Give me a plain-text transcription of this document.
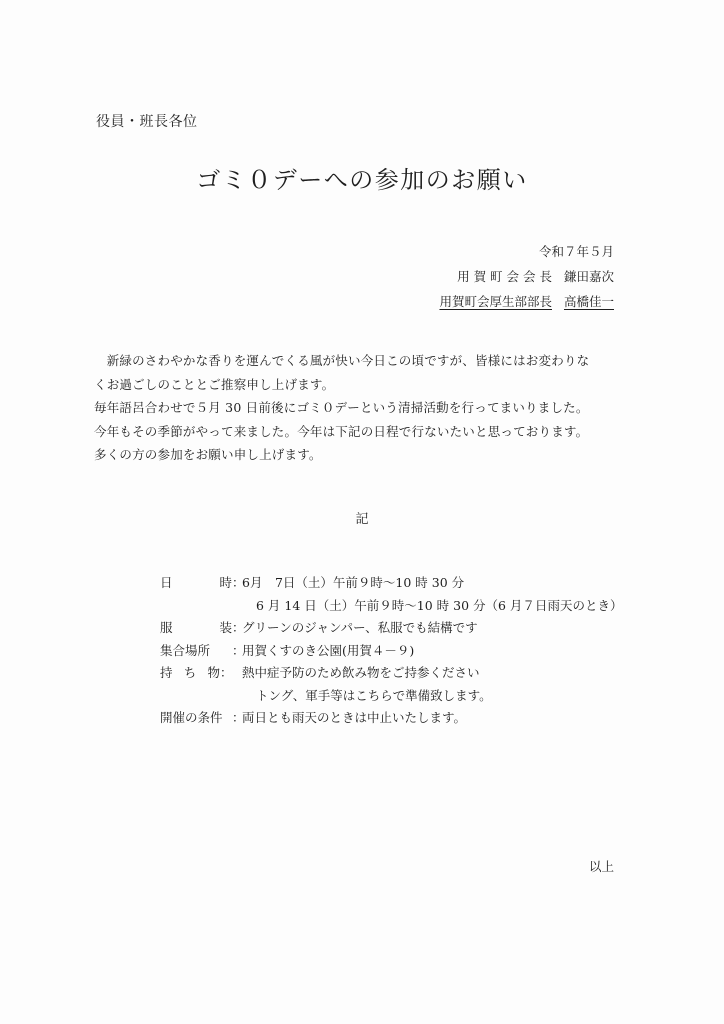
役員・班長各位
ゴミ０デーへの参加のお願い
令和７年５月
用 賀 町 会 会 長 鎌田嘉次
用賀町会厚生部部長 高橋佳一

　新緑のさわやかな香りを運んでくる風が快い今日この頃ですが、皆様にはお変わりな

くお過ごしのこととご推察申し上げます。

毎年語呂合わせで５月 30 日前後にゴミ０デーという清掃活動を行ってまいりました。

今年もその季節がやって来ました。今年は下記の日程で行ないたいと思っております。

多くの方の参加をお願い申し上げます。

記
日	時 ：
6月　7日（土）午前９時〜10 時 30 分
6 月 14 日（土）午前９時〜10 時 30 分（6 月７日雨天のとき）
服	装 ：
グリーンのジャンパー、私服でも結構です
集合場所 ：
用賀くすのき公園(用賀４－９)
持 ち 物 ： 熱中症予防のため飲み物をご持参ください
トング、軍手等はこちらで準備致します。
開催の条件 ：
両日とも雨天のときは中止いたします。
以上
